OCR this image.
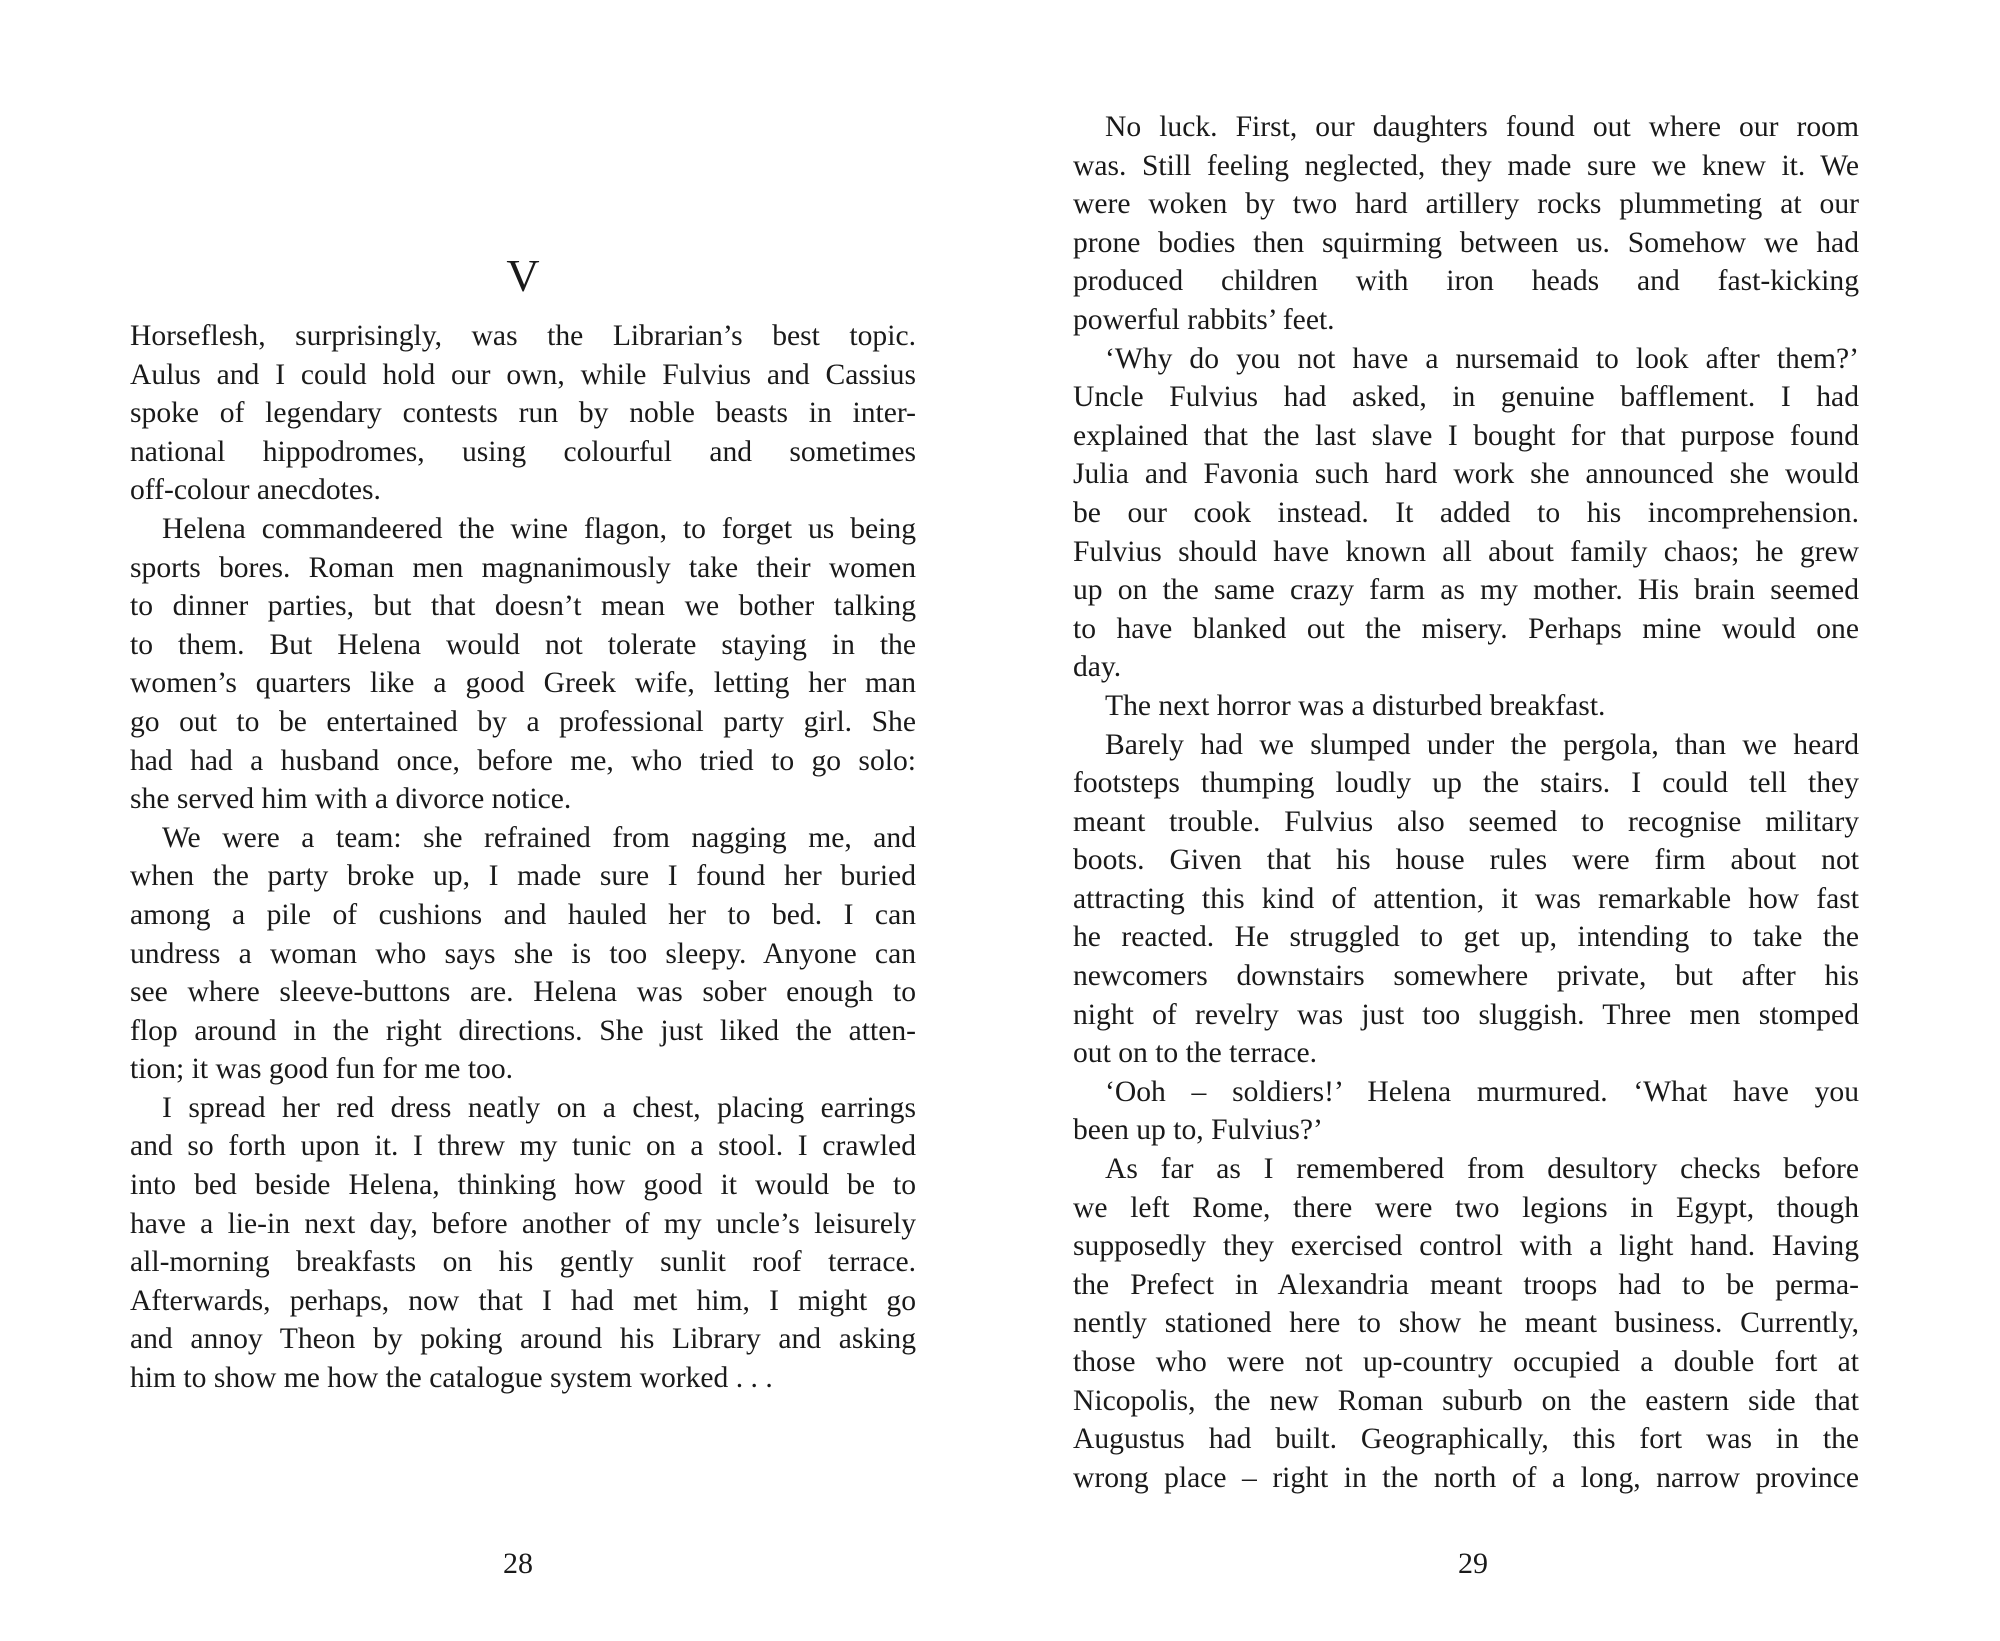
V
Horseflesh, surprisingly, was the Librarian’s best topic.
Aulus and I could hold our own, while Fulvius and Cassius
spoke of legendary contests run by noble beasts in inter-
national hippodromes, using colourful and sometimes
off-colour anecdotes.
Helena commandeered the wine flagon, to forget us being
sports bores. Roman men magnanimously take their women
to dinner parties, but that doesn’t mean we bother talking
to them. But Helena would not tolerate staying in the
women’s quarters like a good Greek wife, letting her man
go out to be entertained by a professional party girl. She
had had a husband once, before me, who tried to go solo:
she served him with a divorce notice.
We were a team: she refrained from nagging me, and
when the party broke up, I made sure I found her buried
among a pile of cushions and hauled her to bed. I can
undress a woman who says she is too sleepy. Anyone can
see where sleeve-buttons are. Helena was sober enough to
flop around in the right directions. She just liked the atten-
tion; it was good fun for me too.
I spread her red dress neatly on a chest, placing earrings
and so forth upon it. I threw my tunic on a stool. I crawled
into bed beside Helena, thinking how good it would be to
have a lie-in next day, before another of my uncle’s leisurely
all-morning breakfasts on his gently sunlit roof terrace.
Afterwards, perhaps, now that I had met him, I might go
and annoy Theon by poking around his Library and asking
him to show me how the catalogue system worked . . .
28
No luck. First, our daughters found out where our room
was. Still feeling neglected, they made sure we knew it. We
were woken by two hard artillery rocks plummeting at our
prone bodies then squirming between us. Somehow we had
produced children with iron heads and fast-kicking
powerful rabbits’ feet.
‘Why do you not have a nursemaid to look after them?’
Uncle Fulvius had asked, in genuine bafflement. I had
explained that the last slave I bought for that purpose found
Julia and Favonia such hard work she announced she would
be our cook instead. It added to his incomprehension.
Fulvius should have known all about family chaos; he grew
up on the same crazy farm as my mother. His brain seemed
to have blanked out the misery. Perhaps mine would one
day.
The next horror was a disturbed breakfast.
Barely had we slumped under the pergola, than we heard
footsteps thumping loudly up the stairs. I could tell they
meant trouble. Fulvius also seemed to recognise military
boots. Given that his house rules were firm about not
attracting this kind of attention, it was remarkable how fast
he reacted. He struggled to get up, intending to take the
newcomers downstairs somewhere private, but after his
night of revelry was just too sluggish. Three men stomped
out on to the terrace.
‘Ooh – soldiers!’ Helena murmured. ‘What have you
been up to, Fulvius?’
As far as I remembered from desultory checks before
we left Rome, there were two legions in Egypt, though
supposedly they exercised control with a light hand. Having
the Prefect in Alexandria meant troops had to be perma-
nently stationed here to show he meant business. Currently,
those who were not up-country occupied a double fort at
Nicopolis, the new Roman suburb on the eastern side that
Augustus had built. Geographically, this fort was in the
wrong place – right in the north of a long, narrow province
29
